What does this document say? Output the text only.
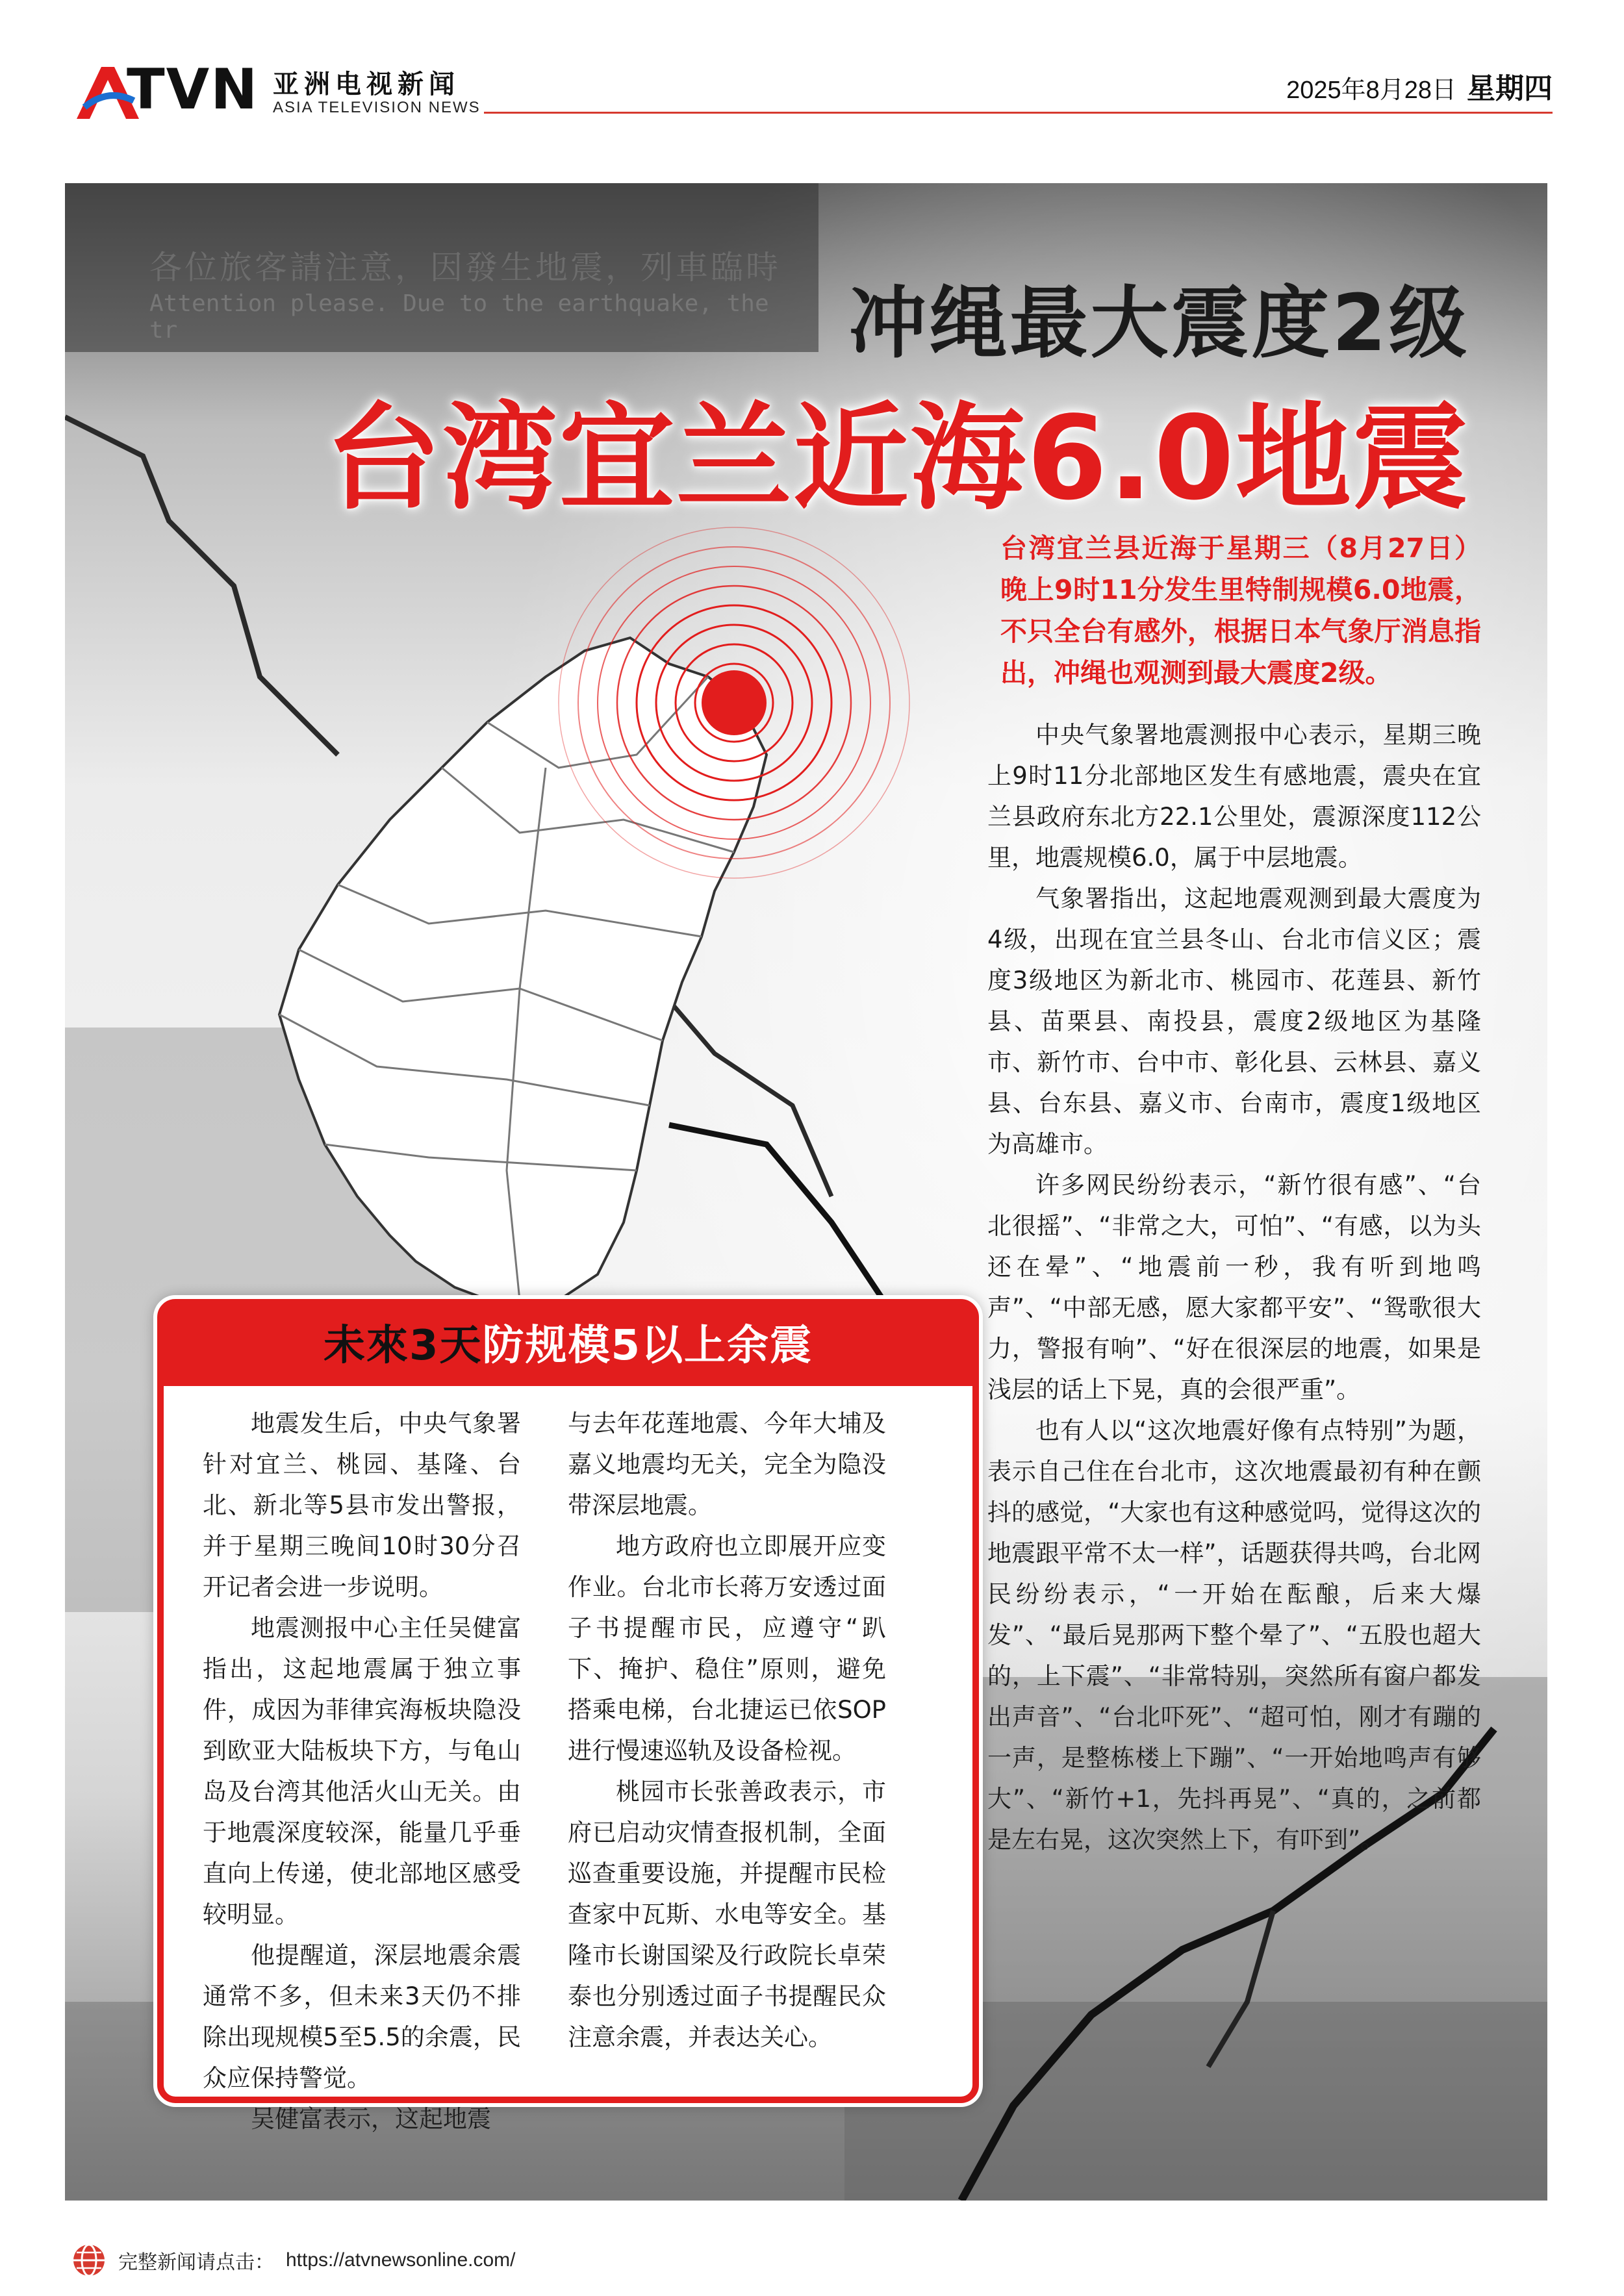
TVN 亚洲电视新闻
ASIA TELEVISION NEWS
2025年8月28日 星期四
各位旅客請注意，因發生地震，列車臨時
Attention please. Due to the earthquake, the tr	冲绳最大震度2级
台湾宜兰近海6.0地震
台湾宜兰县近海于星期三（8月27日）晚上9时11分发生里特制规模6.0地震，不只全台有感外，根据日本气象厅消息指出，冲绳也观测到最大震度2级。

中央气象署地震测报中心表示，星期三晚上9时11分北部地区发生有感地震，震央在宜兰县政府东北方22.1公里处，震源深度112公里，地震规模6.0，属于中层地震。

气象署指出，这起地震观测到最大震度为4级，出现在宜兰县冬山、台北市信义区；震度3级地区为新北市、桃园市、花莲县、新竹县、苗栗县、南投县，震度2级地区为基隆市、新竹市、台中市、彰化县、云林县、嘉义县、台东县、嘉义市、台南市，震度1级地区为高雄市。

许多网民纷纷表示，“新竹很有感”、“台北很摇”、“非常之大，可怕”、“有感，以为头还在晕”、“地震前一秒，我有听到地鸣声”、“中部无感，愿大家都平安”、“鸳歌很大力，警报有响”、“好在很深层的地震，如果是浅层的话上下晃，真的会很严重”。

也有人以“这次地震好像有点特别”为题，表示自己住在台北市，这次地震最初有种在颤抖的感觉，“大家也有这种感觉吗，觉得这次的地震跟平常不太一样”，话题获得共鸣，台北网民纷纷表示，“一开始在酝酿，后来大爆发”、“最后晃那两下整个晕了”、“五股也超大的，上下震”、“非常特别，突然所有窗户都发出声音”、“台北吓死”、“超可怕，刚才有蹦的一声，是整栋楼上下蹦”、“一开始地鸣声有够大”、“新竹+1，先抖再晃”、“真的，之前都是左右晃，这次突然上下，有吓到”。

未來3天防规模5以上余震

地震发生后，中央气象署针对宜兰、桃园、基隆、台北、新北等5县市发出警报，并于星期三晚间10时30分召开记者会进一步说明。

地震测报中心主任吴健富指出，这起地震属于独立事件，成因为菲律宾海板块隐没到欧亚大陆板块下方，与龟山岛及台湾其他活火山无关。由于地震深度较深，能量几乎垂直向上传递，使北部地区感受较明显。

他提醒道，深层地震余震通常不多，但未来3天仍不排除出现规模5至5.5的余震，民众应保持警觉。

吴健富表示，这起地震

与去年花莲地震、今年大埔及嘉义地震均无关，完全为隐没带深层地震。

地方政府也立即展开应变作业。台北市长蒋万安透过面子书提醒市民，应遵守“趴下、掩护、稳住”原则，避免搭乘电梯，台北捷运已依SOP进行慢速巡轨及设备检视。

桃园市长张善政表示，市府已启动灾情查报机制，全面巡查重要设施，并提醒市民检查家中瓦斯、水电等安全。基隆市长谢国梁及行政院长卓荣泰也分别透过面子书提醒民众注意余震，并表达关心。

完整新闻请点击： https://atvnewsonline.com/
